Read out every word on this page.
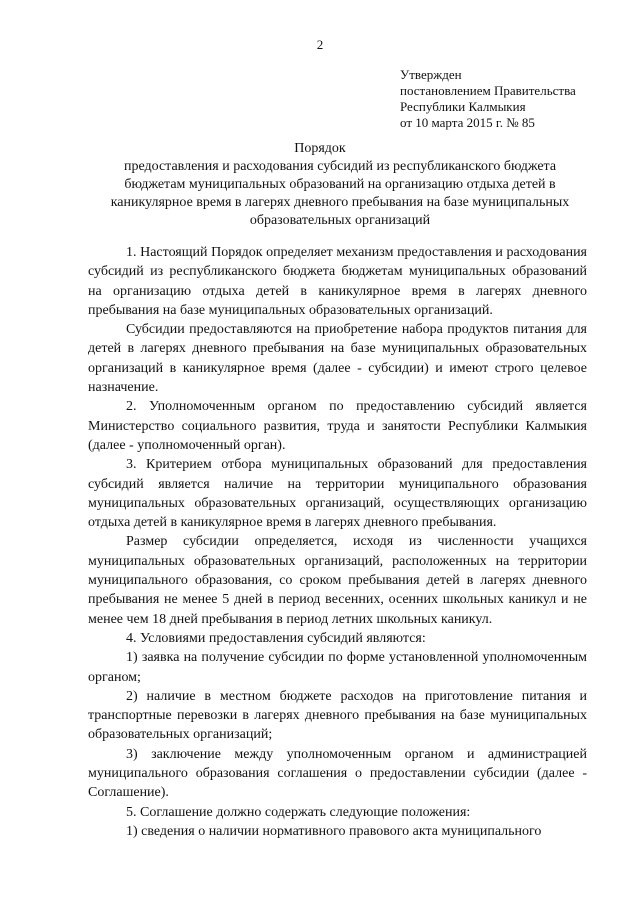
2
Утвержден
постановлением Правительства
Республики Калмыкия
от 10 марта 2015 г. № 85
Порядок
предоставления и расходования субсидий из республиканского бюджета
бюджетам муниципальных образований на организацию отдыха детей в
каникулярное время в лагерях дневного пребывания на базе муниципальных
образовательных организаций

1. Настоящий Порядок определяет механизм предоставления и расходования субсидий из республиканского бюджета бюджетам муниципальных образований на организацию отдыха детей в каникулярное время в лагерях дневного пребывания на базе муниципальных образовательных организаций.

Субсидии предоставляются на приобретение набора продуктов питания для детей в лагерях дневного пребывания на базе муниципальных образовательных организаций в каникулярное время (далее - субсидии) и имеют строго целевое назначение.

2. Уполномоченным органом по предоставлению субсидий является Министерство социального развития, труда и занятости Республики Калмыкия (далее - уполномоченный орган).

3. Критерием отбора муниципальных образований для предоставления субсидий является наличие на территории муниципального образования муниципальных образовательных организаций, осуществляющих организацию отдыха детей в каникулярное время в лагерях дневного пребывания.

Размер субсидии определяется, исходя из численности учащихся муниципальных образовательных организаций, расположенных на территории муниципального образования, со сроком пребывания детей в лагерях дневного пребывания не менее 5 дней в период весенних, осенних школьных каникул и не менее чем 18 дней пребывания в период летних школьных каникул.

4. Условиями предоставления субсидий являются:

1) заявка на получение субсидии по форме установленной уполномоченным органом;

2) наличие в местном бюджете расходов на приготовление питания и транспортные перевозки в лагерях дневного пребывания на базе муниципальных образовательных организаций;

3) заключение между уполномоченным органом и администрацией муниципального образования соглашения о предоставлении субсидии (далее - Соглашение).

5. Соглашение должно содержать следующие положения:

1) сведения о наличии нормативного правового акта муниципального
